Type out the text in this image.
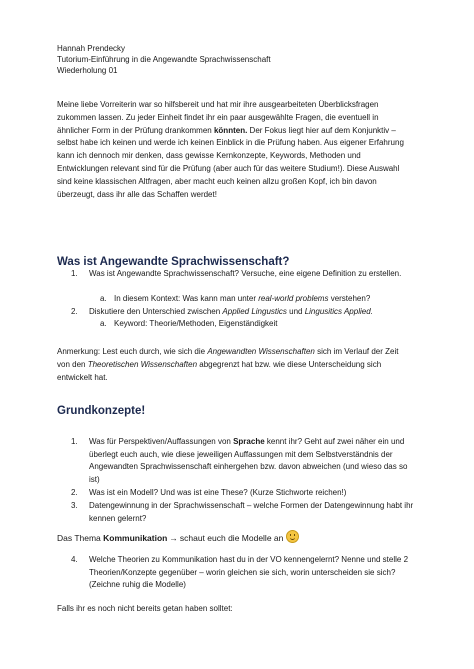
Hannah Prendecky
Tutorium-Einführung in die Angewandte Sprachwissenschaft
Wiederholung 01

Meine liebe Vorreiterin war so hilfsbereit und hat mir ihre ausgearbeiteten Überblicksfragen zukommen lassen. Zu jeder Einheit findet ihr ein paar ausgewählte Fragen, die eventuell in ähnlicher Form in der Prüfung drankommen könnten. Der Fokus liegt hier auf dem Konjunktiv – selbst habe ich keinen und werde ich keinen Einblick in die Prüfung haben. Aus eigener Erfahrung kann ich dennoch mir denken, dass gewisse Kernkonzepte, Keywords, Methoden und Entwicklungen relevant sind für die Prüfung (aber auch für das weitere Studium!). Diese Auswahl sind keine klassischen Altfragen, aber macht euch keinen allzu großen Kopf, ich bin davon überzeugt, dass ihr alle das Schaffen werdet!

Was ist Angewandte Sprachwissenschaft?
1. Was ist Angewandte Sprachwissenschaft? Versuche, eine eigene Definition zu erstellen.
a. In diesem Kontext: Was kann man unter real-world problems verstehen?
2. Diskutiere den Unterschied zwischen Applied Lingustics und Lingusitics Applied.
a. Keyword: Theorie/Methoden, Eigenständigkeit

Anmerkung: Lest euch durch, wie sich die Angewandten Wissenschaften sich im Verlauf der Zeit von den Theoretischen Wissenschaften abgegrenzt hat bzw. wie diese Unterscheidung sich entwickelt hat.

Grundkonzepte!
1. Was für Perspektiven/Auffassungen von Sprache kennt ihr? Geht auf zwei näher ein und überlegt euch auch, wie diese jeweiligen Auffassungen mit dem Selbstverständnis der Angewandten Sprachwissenschaft einhergehen bzw. davon abweichen (und wieso das so ist)
2. Was ist ein Modell? Und was ist eine These? (Kurze Stichworte reichen!)
3. Datengewinnung in der Sprachwissenschaft – welche Formen der Datengewinnung habt ihr kennen gelernt?
Das Thema Kommunikation → schaut euch die Modelle an
4. Welche Theorien zu Kommunikation hast du in der VO kennengelernt? Nenne und stelle 2 Theorien/Konzepte gegenüber – worin gleichen sie sich, worin unterscheiden sie sich? (Zeichne ruhig die Modelle)
Falls ihr es noch nicht bereits getan haben solltet:
